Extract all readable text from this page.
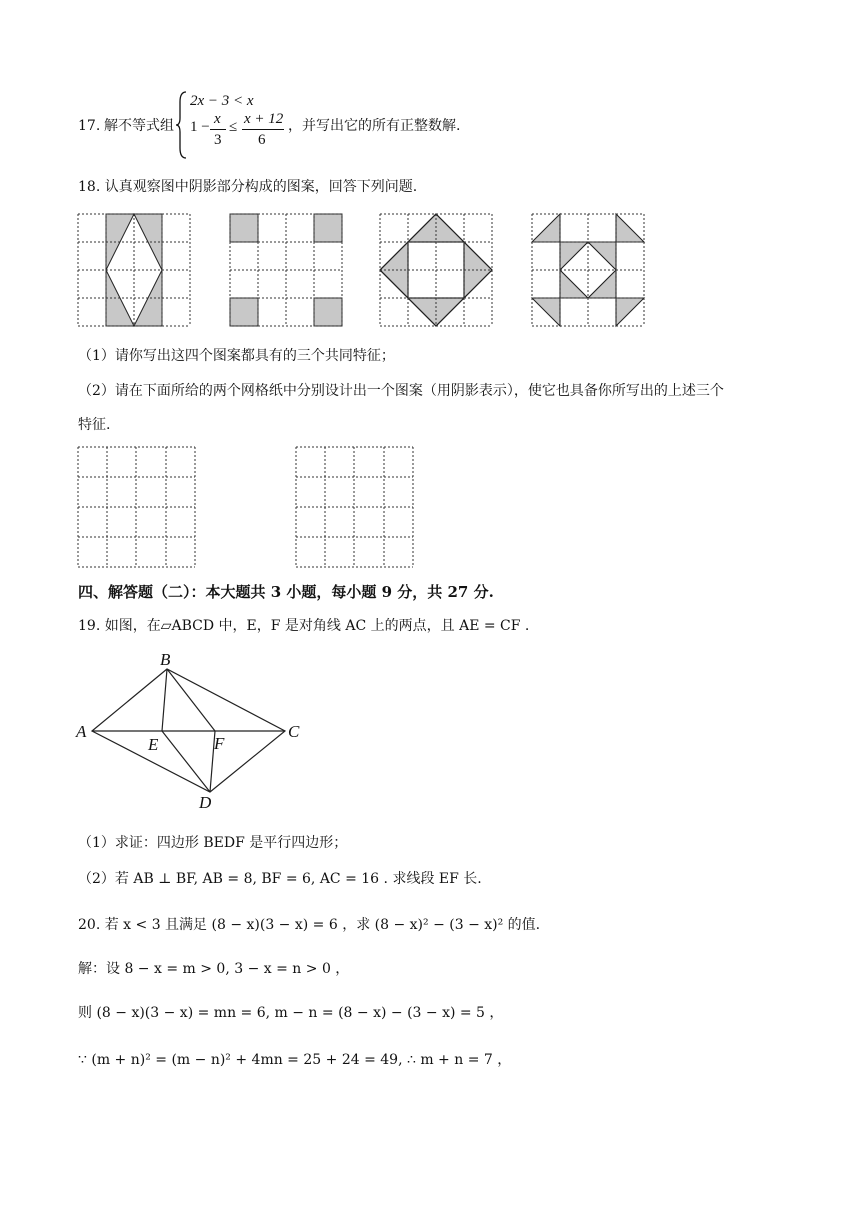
17. 解不等式组
2x − 3 < x
1 − x
3
≤ x + 12
6
，并写出它的所有正整数解.
18. 认真观察图中阴影部分构成的图案，回答下列问题.
（1）请你写出这四个图案都具有的三个共同特征；
（2）请在下面所给的两个网格纸中分别设计出一个图案（用阴影表示），使它也具备你所写出的上述三个
特征.
四、解答题（二）：本大题共 3 小题，每小题 9 分，共 27 分.
19. 如图，在▱ABCD 中，E，F 是对角线 AC 上的两点，且 AE = CF .
B
A	C
E	F
D
（1）求证：四边形 BEDF 是平行四边形；
（2）若 AB ⊥ BF, AB = 8, BF = 6, AC = 16 . 求线段 EF 长.
20. 若 x < 3 且满足 (8 − x)(3 − x) = 6 ，求 (8 − x)² − (3 − x)² 的值.
解：设 8 − x = m > 0, 3 − x = n > 0 ，
则 (8 − x)(3 − x) = mn = 6, m − n = (8 − x) − (3 − x) = 5 ，
∵ (m + n)² = (m − n)² + 4mn = 25 + 24 = 49, ∴ m + n = 7 ，
